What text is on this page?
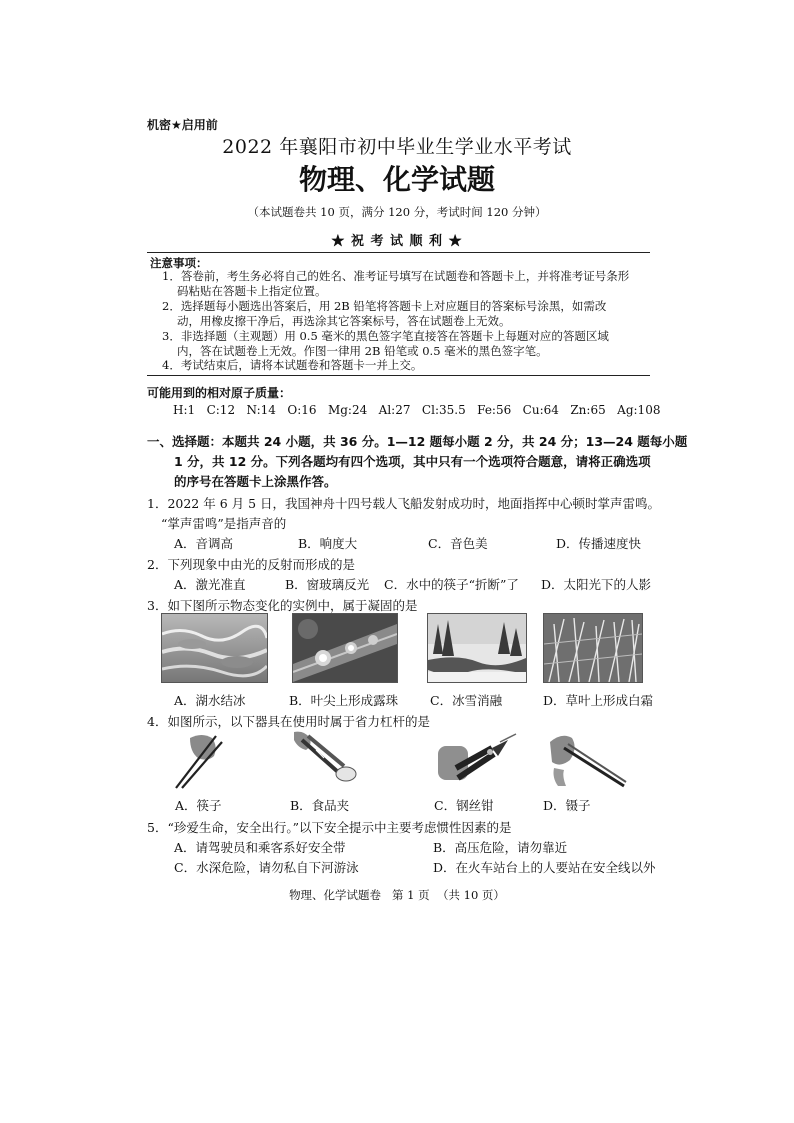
机密★启用前
2022 年襄阳市初中毕业生学业水平考试
物理、化学试题
（本试题卷共 10 页，满分 120 分，考试时间 120 分钟）
★ 祝 考 试 顺 利 ★
注意事项：
1．答卷前，考生务必将自己的姓名、准考证号填写在试题卷和答题卡上，并将准考证号条形
码粘贴在答题卡上指定位置。
2．选择题每小题选出答案后，用 2B 铅笔将答题卡上对应题目的答案标号涂黑，如需改
动，用橡皮擦干净后，再选涂其它答案标号，答在试题卷上无效。
3．非选择题（主观题）用 0.5 毫米的黑色签字笔直接答在答题卡上每题对应的答题区域
内，答在试题卷上无效。作图一律用 2B 铅笔或 0.5 毫米的黑色签字笔。
4．考试结束后，请将本试题卷和答题卡一并上交。
可能用到的相对原子质量：
H:1   C:12   N:14   O:16   Mg:24   Al:27   Cl:35.5   Fe:56   Cu:64   Zn:65   Ag:108
一、选择题：本题共 24 小题，共 36 分。1—12 题每小题 2 分，共 24 分；13—24 题每小题
1 分，共 12 分。下列各题均有四个选项，其中只有一个选项符合题意，请将正确选项
的序号在答题卡上涂黑作答。
1．2022 年 6 月 5 日，我国神舟十四号载人飞船发射成功时，地面指挥中心顿时掌声雷鸣。
“掌声雷鸣”是指声音的
A．音调高	B．响度大	C．音色美	D．传播速度快
2．下列现象中由光的反射而形成的是
A．激光准直	B．窗玻璃反光 C．水中的筷子“折断”了 D．太阳光下的人影
3．如下图所示物态变化的实例中，属于凝固的是
A．湖水结冰	B．叶尖上形成露珠	C．冰雪消融	D．草叶上形成白霜
4．如图所示，以下器具在使用时属于省力杠杆的是
A．筷子	B．食品夹	C．钢丝钳	D．镊子
5．“珍爱生命，安全出行。”以下安全提示中主要考虑惯性因素的是
A．请驾驶员和乘客系好安全带	B．高压危险，请勿靠近
C．水深危险，请勿私自下河游泳	D．在火车站台上的人要站在安全线以外
物理、化学试题卷   第 1 页  （共 10 页）
